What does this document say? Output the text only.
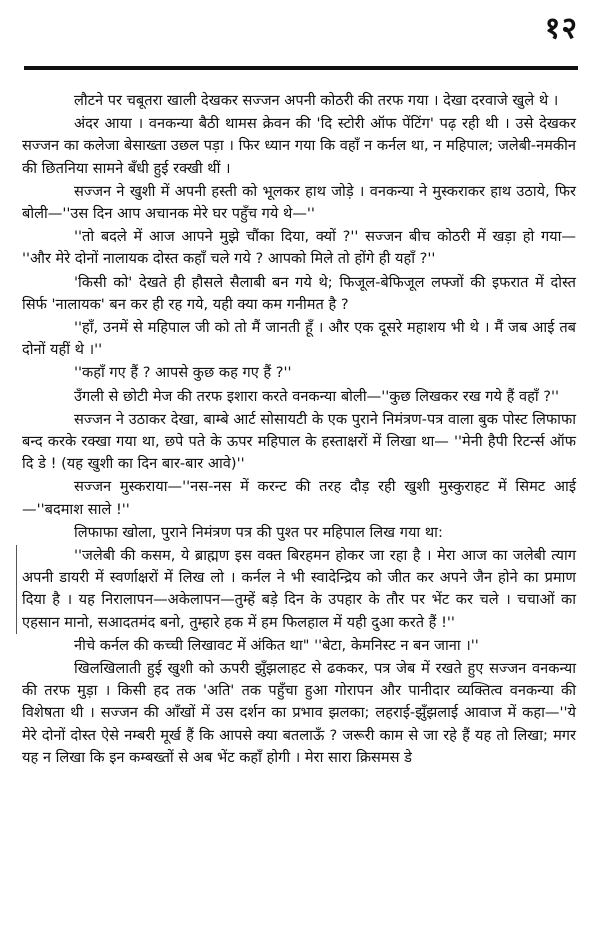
१२

लौटने पर चबूतरा खाली देखकर सज्जन अपनी कोठरी की तरफ गया । देखा दरवाजे खुले थे ।

अंदर आया । वनकन्या बैठी थामस क्रेवन की 'दि स्टोरी ऑफ पेंटिंग' पढ़ रही थी । उसे देखकर सज्जन का कलेजा बेसाख्ता उछल पड़ा । फिर ध्यान गया कि वहाँ न कर्नल था, न महिपाल; जलेबी-नमकीन की छितनिया सामने बँधी हुई रक्खी थीं ।

सज्जन ने खुशी में अपनी हस्ती को भूलकर हाथ जोड़े । वनकन्या ने मुस्कराकर हाथ उठाये, फिर बोली—''उस दिन आप अचानक मेरे घर पहुँच गये थे—''

''तो बदले में आज आपने मुझे चौंका दिया, क्यों ?'' सज्जन बीच कोठरी में खड़ा हो गया— ''और मेरे दोनों नालायक दोस्त कहाँ चले गये ? आपको मिले तो होंगे ही यहाँ ?''

'किसी को' देखते ही हौसले सैलाबी बन गये थे; फिजूल-बेफिजूल लफ्जों की इफरात में दोस्त सिर्फ 'नालायक' बन कर ही रह गये, यही क्या कम गनीमत है ?

''हाँ, उनमें से महिपाल जी को तो मैं जानती हूँ । और एक दूसरे महाशय भी थे । मैं जब आई तब दोनों यहीं थे ।''

''कहाँ गए हैं ? आपसे कुछ कह गए हैं ?''

उँगली से छोटी मेज की तरफ इशारा करते वनकन्या बोली—''कुछ लिखकर रख गये हैं वहाँ ?''

सज्जन ने उठाकर देखा, बाम्बे आर्ट सोसायटी के एक पुराने निमंत्रण-पत्र वाला बुक पोस्ट लिफाफा बन्द करके रक्खा गया था, छपे पते के ऊपर महिपाल के हस्ताक्षरों में लिखा था— ''मेनी हैपी रिटर्न्स ऑफ दि डे ! (यह खुशी का दिन बार-बार आवे)''

सज्जन मुस्कराया—''नस-नस में करन्ट की तरह दौड़ रही खुशी मुस्कुराहट में सिमट आई —''बदमाश साले !''

लिफाफा खोला, पुराने निमंत्रण पत्र की पुश्त पर महिपाल लिख गया था:

''जलेबी की कसम, ये ब्राह्मण इस वक्त बिरहमन होकर जा रहा है । मेरा आज का जलेबी त्याग अपनी डायरी में स्वर्णाक्षरों में लिख लो । कर्नल ने भी स्वादेन्द्रिय को जीत कर अपने जैन होने का प्रमाण दिया है । यह निरालापन—अकेलापन—तुम्हें बड़े दिन के उपहार के तौर पर भेंट कर चले । चचाओं का एहसान मानो, सआदतमंद बनो, तुम्हारे हक में हम फिलहाल में यही दुआ करते हैं !''

नीचे कर्नल की कच्ची लिखावट में अंकित था" ''बेटा, केमनिस्ट न बन जाना ।''

खिलखिलाती हुई खुशी को ऊपरी झुँझलाहट से ढककर, पत्र जेब में रखते हुए सज्जन वनकन्या की तरफ मुड़ा । किसी हद तक 'अति' तक पहुँचा हुआ गोरापन और पानीदार व्यक्तित्व वनकन्या की विशेषता थी । सज्जन की आँखों में उस दर्शन का प्रभाव झलका; लहराई-झुँझलाई आवाज में कहा—''ये मेरे दोनों दोस्त ऐसे नम्बरी मूर्ख हैं कि आपसे क्या बतलाऊँ ? जरूरी काम से जा रहे हैं यह तो लिखा; मगर यह न लिखा कि इन कम्बख्तों से अब भेंट कहाँ होगी । मेरा सारा क्रिसमस डे
